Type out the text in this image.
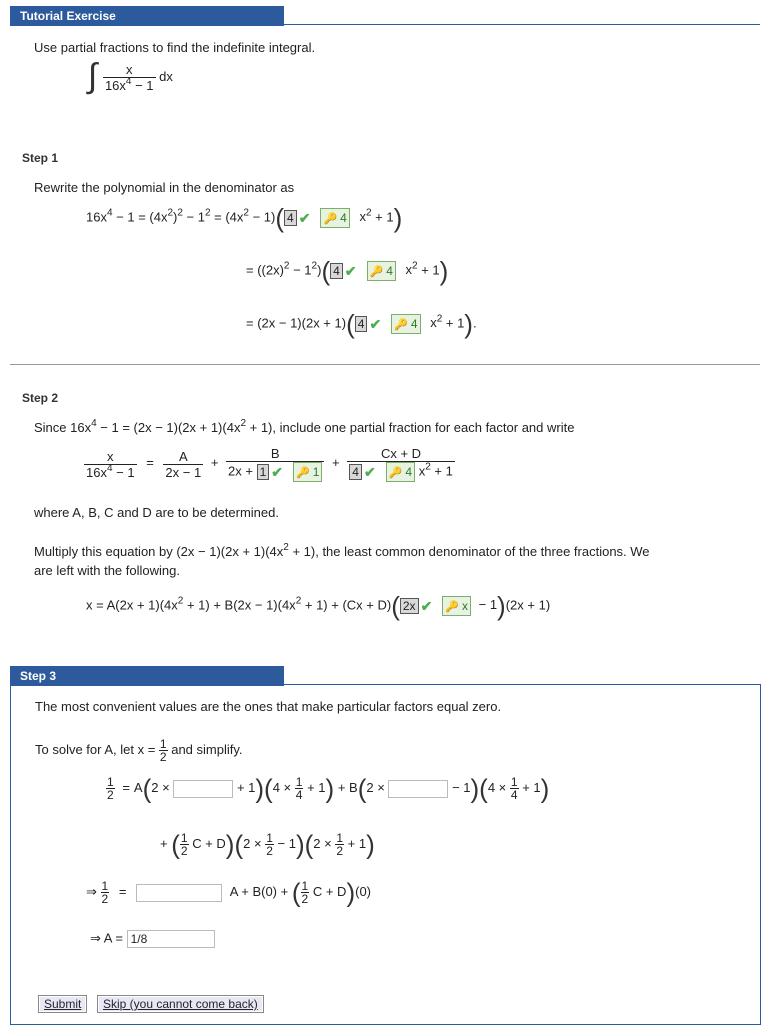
Tutorial Exercise
Use partial fractions to find the indefinite integral.
∫ $\frac{x}{16x^4 - 1}$ dx
Step 1
Rewrite the polynomial in the denominator as
$16x^4 - 1 = (4x^2)^2 - 1^2 = (4x^2 - 1)$( 4 ✔ 🔑 4 $x^2 + 1$)
= $((2x)^2 - 1^2)$( 4 ✔ 🔑 4 $x^2 + 1$)
= (2x − 1)(2x + 1)( 4 ✔ 🔑 4 $x^2 + 1$).
Step 2
Since $16x^4 - 1 = (2x - 1)(2x + 1)(4x^2 + 1)$, include one partial fraction for each factor and write
$\frac{x}{16x^4 - 1} = \frac{A}{2x - 1} + \frac{B}{2x + 1 ✔ 🔑 1} + \frac{Cx + D}{4 ✔ 🔑 4 x^2 + 1}$
where A, B, C and D are to be determined.
Multiply this equation by $(2x - 1)(2x + 1)(4x^2 + 1)$, the least common denominator of the three fractions. We
are left with the following.
$x = A(2x + 1)(4x^2 + 1) + B(2x - 1)(4x^2 + 1) + (Cx + D)$( 2x ✔ 🔑 x − 1)(2x + 1)
Step 3
The most convenient values are the ones that make particular factors equal zero.
To solve for A, let $x = \frac{1}{2}$ and simplify.
$\frac{1}{2} = A(2$ ×	+ $1)(4 \times \frac{1}{4} + 1) + B(2$ ×	− $1)(4 \times \frac{1}{4} + 1)$
+ ( $\frac{1}{2}$ $C + D)(2 \times \frac{1}{2} - 1)(2 \times \frac{1}{2} + 1)$
⇒ $\frac{1}{2}$ =	A + B(0) + ( $\frac{1}{2}$ C + D)(0)
⇒ A = 1/8
Submit	Skip (you cannot come back)
